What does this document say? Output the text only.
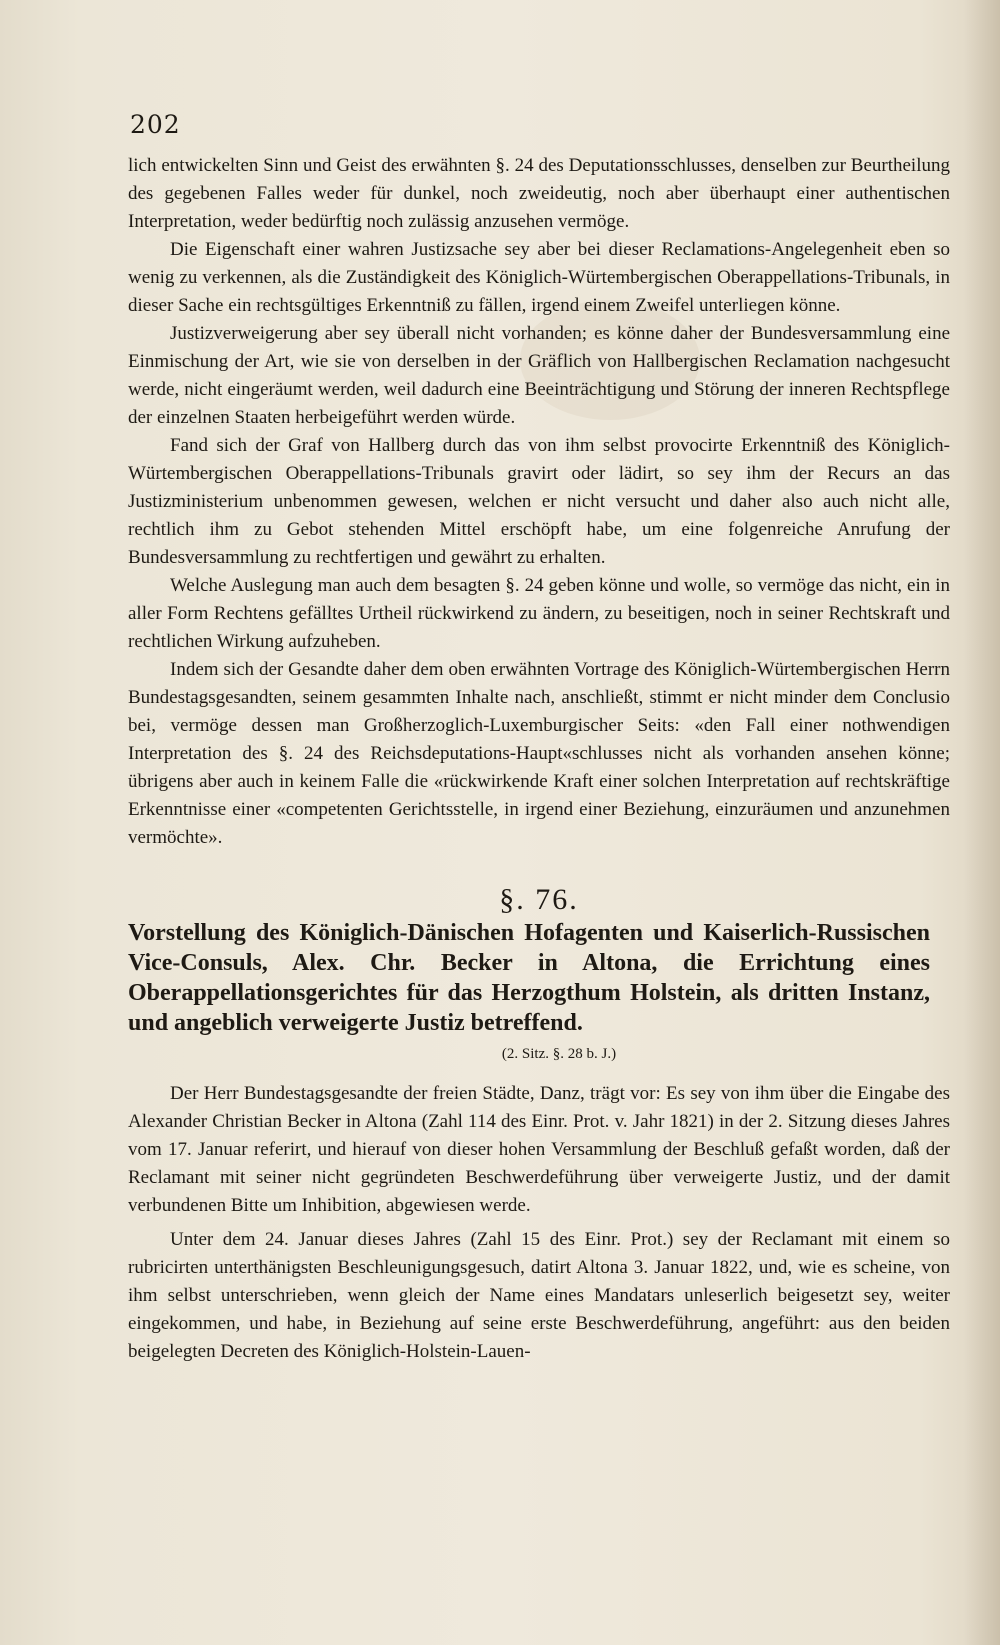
202

lich entwickelten Sinn und Geist des erwähnten §. 24 des Deputationsschlusses, denselben zur Beurtheilung des gegebenen Falles weder für dunkel, noch zweideutig, noch aber überhaupt einer authentischen Interpretation, weder bedürftig noch zulässig anzusehen vermöge.

Die Eigenschaft einer wahren Justizsache sey aber bei dieser Reclamations-Angelegenheit eben so wenig zu verkennen, als die Zuständigkeit des Königlich-Würtembergischen Oberappellations-Tribunals, in dieser Sache ein rechtsgültiges Erkenntniß zu fällen, irgend einem Zweifel unterliegen könne.

Justizverweigerung aber sey überall nicht vorhanden; es könne daher der Bundesversammlung eine Einmischung der Art, wie sie von derselben in der Gräflich von Hallbergischen Reclamation nachgesucht werde, nicht eingeräumt werden, weil dadurch eine Beeinträchtigung und Störung der inneren Rechtspflege der einzelnen Staaten herbeigeführt werden würde.

Fand sich der Graf von Hallberg durch das von ihm selbst provocirte Erkenntniß des Königlich-Würtembergischen Oberappellations-Tribunals gravirt oder lädirt, so sey ihm der Recurs an das Justizministerium unbenommen gewesen, welchen er nicht versucht und daher also auch nicht alle, rechtlich ihm zu Gebot stehenden Mittel erschöpft habe, um eine folgenreiche Anrufung der Bundesversammlung zu rechtfertigen und gewährt zu erhalten.

Welche Auslegung man auch dem besagten §. 24 geben könne und wolle, so vermöge das nicht, ein in aller Form Rechtens gefälltes Urtheil rückwirkend zu ändern, zu beseitigen, noch in seiner Rechtskraft und rechtlichen Wirkung aufzuheben.

Indem sich der Gesandte daher dem oben erwähnten Vortrage des Königlich-Würtembergischen Herrn Bundestagsgesandten, seinem gesammten Inhalte nach, anschließt, stimmt er nicht minder dem Conclusio bei, vermöge dessen man Großherzoglich-Luxemburgischer Seits: «den Fall einer nothwendigen Interpretation des §. 24 des Reichsdeputations-Haupt«schlusses nicht als vorhanden ansehen könne; übrigens aber auch in keinem Falle die «rückwirkende Kraft einer solchen Interpretation auf rechtskräftige Erkenntnisse einer «competenten Gerichtsstelle, in irgend einer Beziehung, einzuräumen und anzunehmen vermöchte».

§. 76.
Vorstellung des Königlich-Dänischen Hofagenten und Kaiserlich-Russischen Vice-Consuls, Alex. Chr. Becker in Altona, die Errichtung eines Oberappellationsgerichtes für das Herzogthum Holstein, als dritten Instanz, und angeblich verweigerte Justiz betreffend.
(2. Sitz. §. 28 b. J.)

Der Herr Bundestagsgesandte der freien Städte, Danz, trägt vor: Es sey von ihm über die Eingabe des Alexander Christian Becker in Altona (Zahl 114 des Einr. Prot. v. Jahr 1821) in der 2. Sitzung dieses Jahres vom 17. Januar referirt, und hierauf von dieser hohen Versammlung der Beschluß gefaßt worden, daß der Reclamant mit seiner nicht gegründeten Beschwerdeführung über verweigerte Justiz, und der damit verbundenen Bitte um Inhibition, abgewiesen werde.

Unter dem 24. Januar dieses Jahres (Zahl 15 des Einr. Prot.) sey der Reclamant mit einem so rubricirten unterthänigsten Beschleunigungsgesuch, datirt Altona 3. Januar 1822, und, wie es scheine, von ihm selbst unterschrieben, wenn gleich der Name eines Mandatars unleserlich beigesetzt sey, weiter eingekommen, und habe, in Beziehung auf seine erste Beschwerdeführung, angeführt: aus den beiden beigelegten Decreten des Königlich-Holstein-Lauen-
